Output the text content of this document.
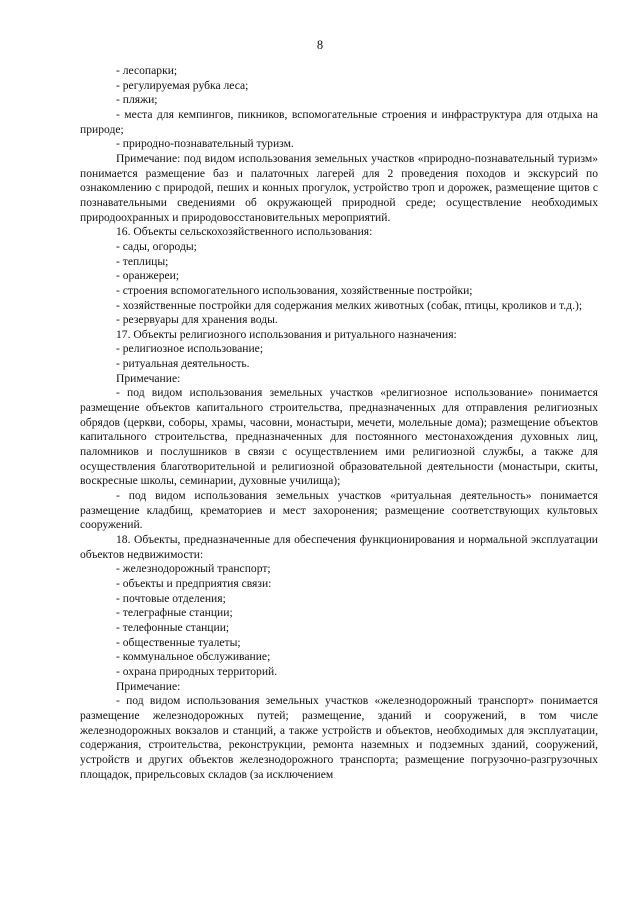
8

- лесопарки;

- регулируемая рубка леса;

- пляжи;

- места для кемпингов, пикников, вспомогательные строения и инфраструктура для отдыха на природе;

- природно-познавательный туризм.

Примечание: под видом использования земельных участков «природно-познавательный туризм» понимается размещение баз и палаточных лагерей для 2 проведения походов и экскурсий по ознакомлению с природой, пеших и конных прогулок, устройство троп и дорожек, размещение щитов с познавательными сведениями об окружающей природной среде; осуществление необходимых природоохранных и природовосстановительных мероприятий.

16. Объекты сельскохозяйственного использования:

- сады, огороды;

- теплицы;

- оранжереи;

- строения вспомогательного использования, хозяйственные постройки;

- хозяйственные постройки для содержания мелких животных (собак, птицы, кроликов и т.д.);

- резервуары для хранения воды.

17. Объекты религиозного использования и ритуального назначения:

- религиозное использование;

- ритуальная деятельность.

Примечание:

- под видом использования земельных участков «религиозное использование» понимается размещение объектов капитального строительства, предназначенных для отправления религиозных обрядов (церкви, соборы, храмы, часовни, монастыри, мечети, молельные дома); размещение объектов капитального строительства, предназначенных для постоянного местонахождения духовных лиц, паломников и послушников в связи с осуществлением ими религиозной службы, а также для осуществления благотворительной и религиозной образовательной деятельности (монастыри, скиты, воскресные школы, семинарии, духовные училища);

- под видом использования земельных участков «ритуальная деятельность» понимается размещение кладбищ, крематориев и мест захоронения; размещение соответствующих культовых сооружений.

18. Объекты, предназначенные для обеспечения функционирования и нормальной эксплуатации объектов недвижимости:

- железнодорожный транспорт;

- объекты и предприятия связи:

- почтовые отделения;

- телеграфные станции;

- телефонные станции;

- общественные туалеты;

- коммунальное обслуживание;

- охрана природных территорий.

Примечание:

- под видом использования земельных участков «железнодорожный транспорт» понимается размещение железнодорожных путей; размещение, зданий и сооружений, в том числе железнодорожных вокзалов и станций, а также устройств и объектов, необходимых для эксплуатации, содержания, строительства, реконструкции, ремонта наземных и подземных зданий, сооружений, устройств и других объектов железнодорожного транспорта; размещение погрузочно-разгрузочных площадок, прирельсовых складов (за исключением
